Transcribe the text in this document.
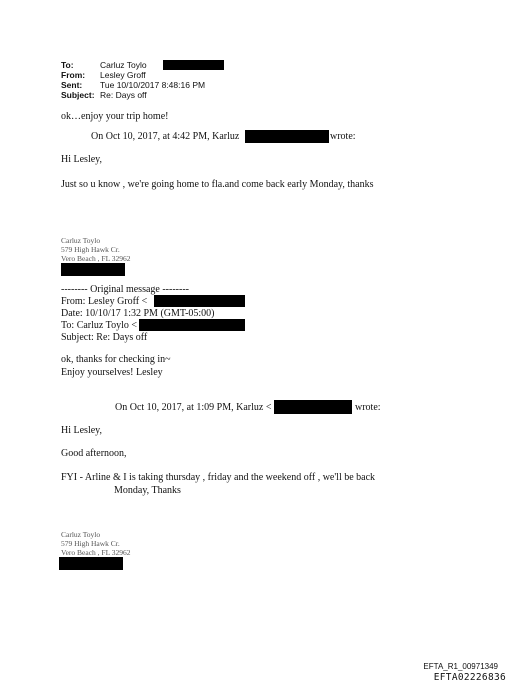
To:	Carluz Toylo
From: Lesley Groff
Sent: Tue 10/10/2017 8:48:16 PM
Subject: Re: Days off
ok…enjoy your trip home!
On Oct 10, 2017, at 4:42 PM, Karluz	wrote:
Hi Lesley,
Just so u know , we're going home to fla.and come back early Monday, thanks
Carluz Toylo
579 High Hawk Cr.
Vero Beach , FL 32962
-------- Original message --------
From: Lesley Groff <
Date: 10/10/17 1:32 PM (GMT-05:00)
To: Carluz Toylo <
Subject: Re: Days off
ok, thanks for checking in~
Enjoy yourselves! Lesley
On Oct 10, 2017, at 1:09 PM, Karluz <	wrote:
Hi Lesley,
Good afternoon,
FYI - Arline & I is taking thursday , friday and the weekend off , we'll be back
Monday, Thanks
Carluz Toylo
579 High Hawk Cr.
Vero Beach , FL 32962
EFTA_R1_00971349
EFTA02226836
